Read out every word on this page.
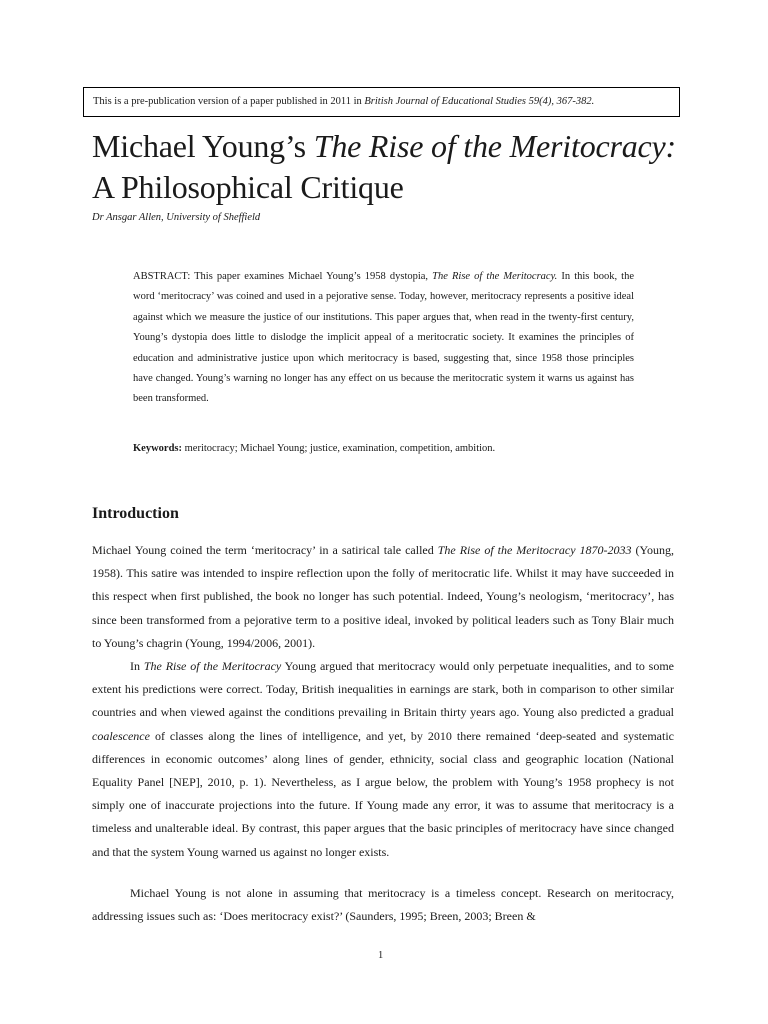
This is a pre-publication version of a paper published in 2011 in British Journal of Educational Studies 59(4), 367-382.
Michael Young’s The Rise of the Meritocracy:
A Philosophical Critique

Dr Ansgar Allen, University of Sheffield

ABSTRACT: This paper examines Michael Young’s 1958 dystopia, The Rise of the Meritocracy. In this book, the word ‘meritocracy’ was coined and used in a pejorative sense. Today, however, meritocracy represents a positive ideal against which we measure the justice of our institutions. This paper argues that, when read in the twenty-first century, Young’s dystopia does little to dislodge the implicit appeal of a meritocratic society. It examines the principles of education and administrative justice upon which meritocracy is based, suggesting that, since 1958 those principles have changed. Young’s warning no longer has any effect on us because the meritocratic system it warns us against has been transformed.

Keywords: meritocracy; Michael Young; justice, examination, competition, ambition.

Introduction

Michael Young coined the term ‘meritocracy’ in a satirical tale called The Rise of the Meritocracy 1870-2033 (Young, 1958). This satire was intended to inspire reflection upon the folly of meritocratic life. Whilst it may have succeeded in this respect when first published, the book no longer has such potential. Indeed, Young’s neologism, ‘meritocracy’, has since been transformed from a pejorative term to a positive ideal, invoked by political leaders such as Tony Blair much to Young’s chagrin (Young, 1994/2006, 2001).

In The Rise of the Meritocracy Young argued that meritocracy would only perpetuate inequalities, and to some extent his predictions were correct. Today, British inequalities in earnings are stark, both in comparison to other similar countries and when viewed against the conditions prevailing in Britain thirty years ago. Young also predicted a gradual coalescence of classes along the lines of intelligence, and yet, by 2010 there remained ‘deep-seated and systematic differences in economic outcomes’ along lines of gender, ethnicity, social class and geographic location (National Equality Panel [NEP], 2010, p. 1). Nevertheless, as I argue below, the problem with Young’s 1958 prophecy is not simply one of inaccurate projections into the future. If Young made any error, it was to assume that meritocracy is a timeless and unalterable ideal. By contrast, this paper argues that the basic principles of meritocracy have since changed and that the system Young warned us against no longer exists.

Michael Young is not alone in assuming that meritocracy is a timeless concept. Research on meritocracy, addressing issues such as: ‘Does meritocracy exist?’ (Saunders, 1995; Breen, 2003; Breen &

1
